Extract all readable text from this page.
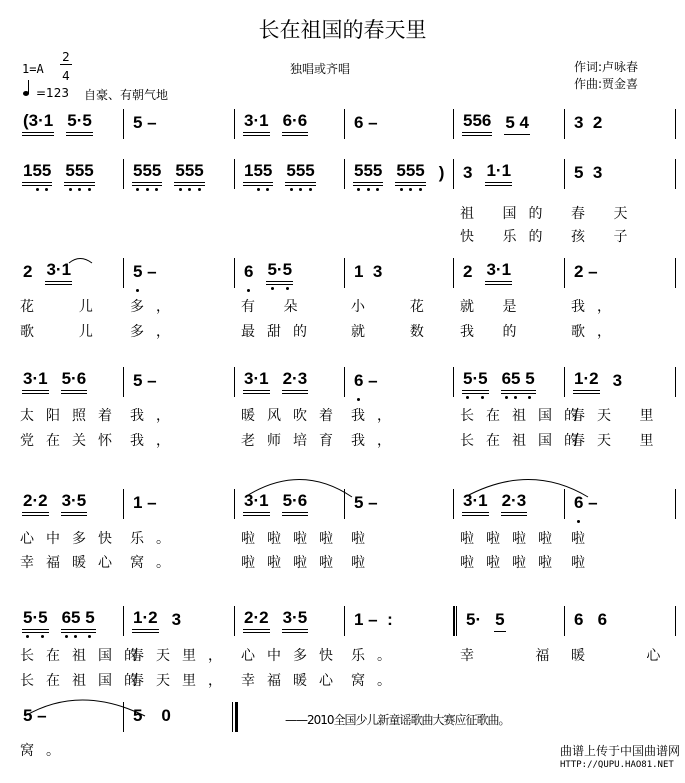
长在祖国的春天里
1=A
2
4
=123 自豪、有朝气地
独唱或齐唱	作词:卢咏春
作曲:贾金喜
(3·1 5·5 5 –	3·1 6·6	6 –	556 5 4	3  2
155 555 555 555 155 555 555 555 ) 3 1·1	5  3
祖 国的	春 天
快 乐的	孩 子
2 3·1	5 –	6 5·5	1  3	2 3·1	2 –
花  儿	多，	有 朵	小  花	就 是	我，
歌  儿	多，	最甜的	就  数	我 的	歌，
3·1 5·6	5 –	3·1 2·3	6 –	5·5 65 5 1·2 3
太阳照着 我，	暖风吹着 我，	长在祖国的
春天 里
党在关怀 我，	老师培育 我，	长在祖国的
春天 里
2·2 3·5	1 –	3·1 5·6	5 –	3·1 2·3	6 –
心中多快 乐。	啦啦啦啦 啦	啦啦啦啦 啦
幸福暖心 窝。	啦啦啦啦 啦	啦啦啦啦 啦
5·5 65 5 1·2 3	2·2 3·5	1 –  :	5· 5	6   6
长在祖国的
春天里， 心中多快 乐。	幸   福 暖   心
长在祖国的
春天里， 幸福暖心 窝。
5 –	5    0
窝。
——2010全国少儿新童谣歌曲大赛应征歌曲。
曲谱上传于中国曲谱网
HTTP://QUPU.HAO81.NET
